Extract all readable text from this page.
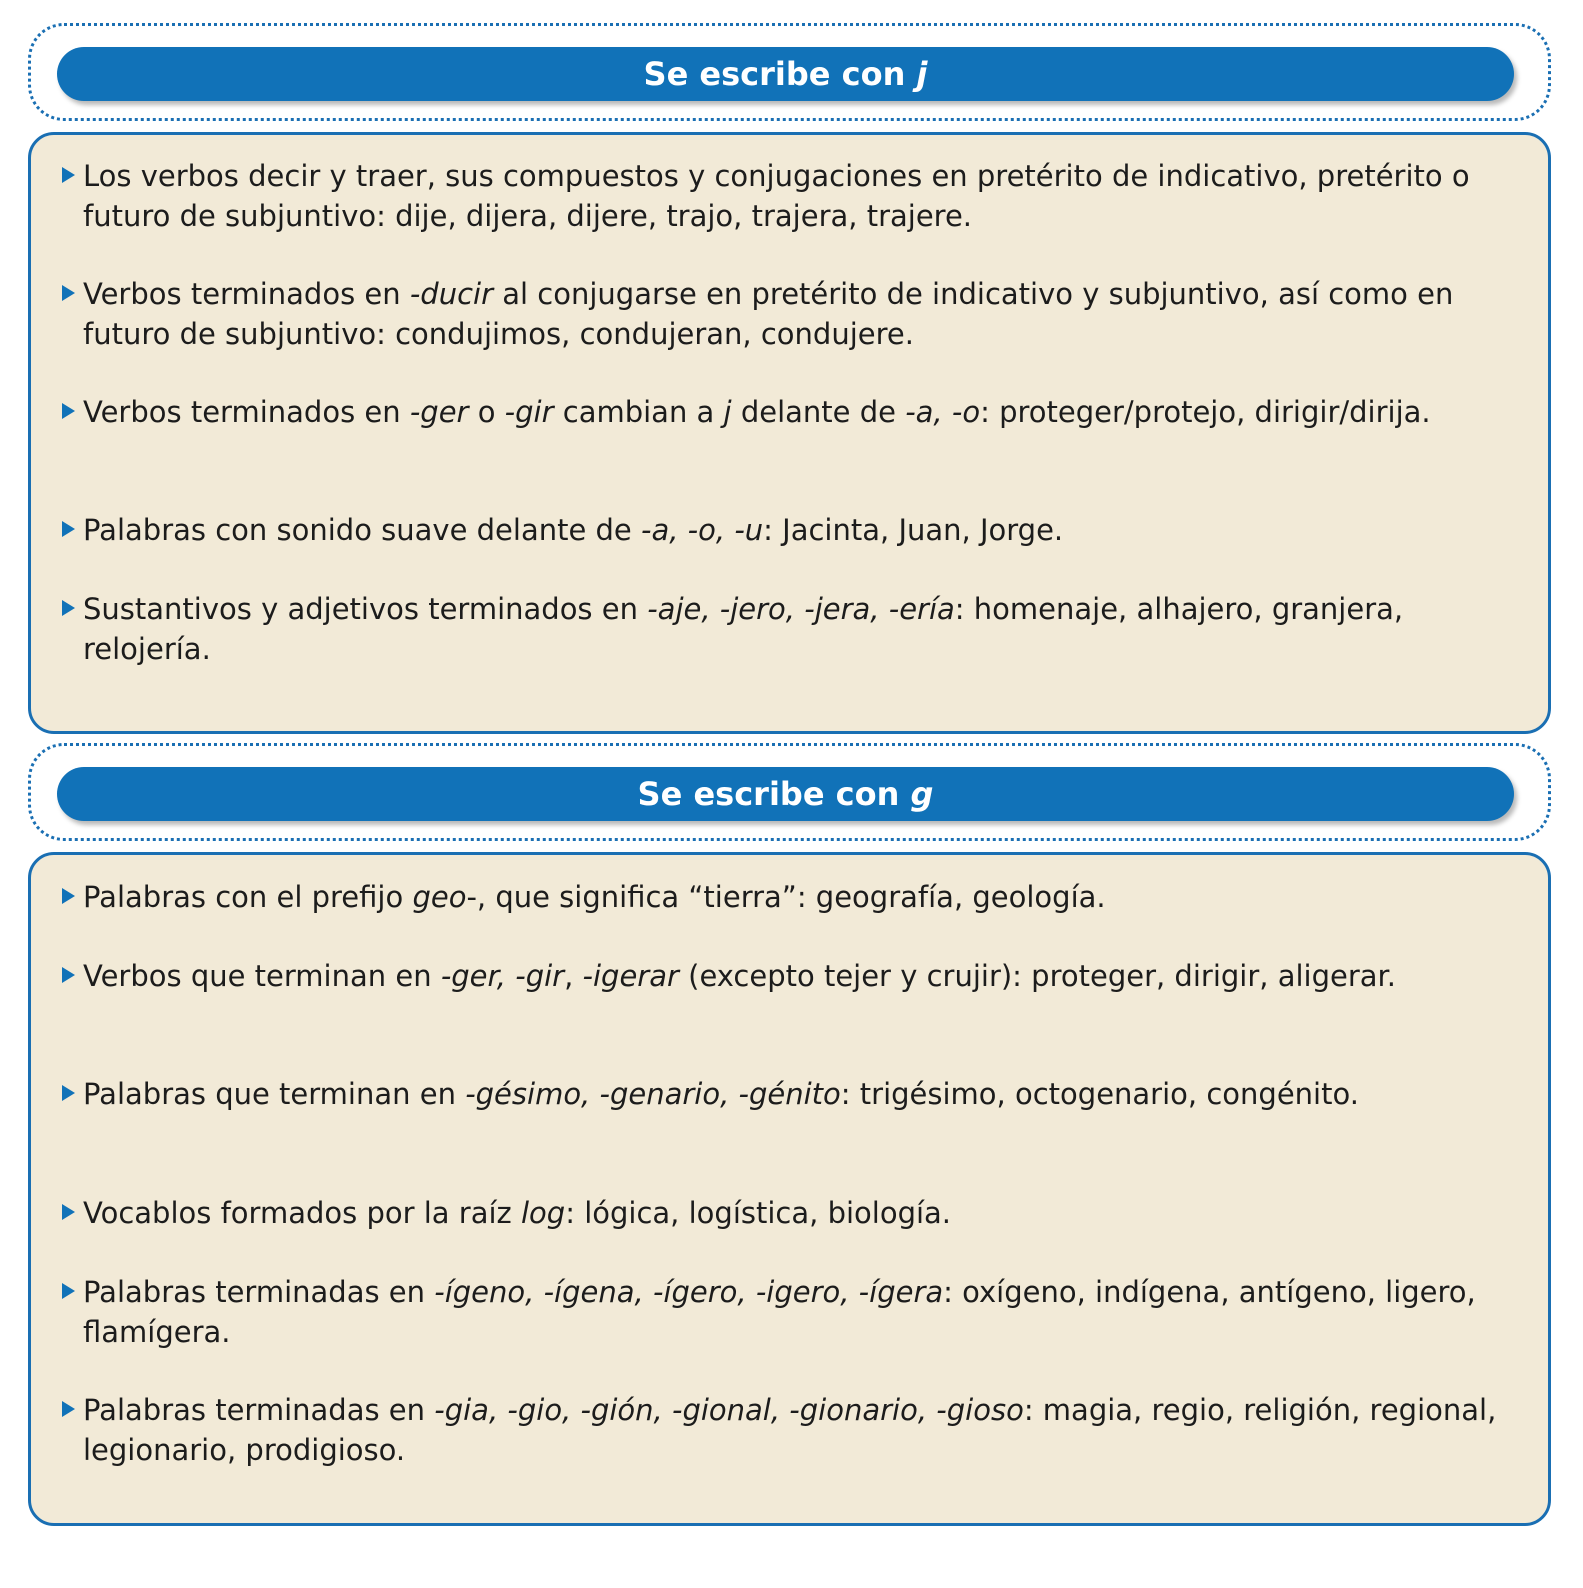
Se escribe con j
Los verbos decir y traer, sus compuestos y conjugaciones en pretérito de indicativo, pretérito o futuro de subjuntivo: dije, dijera, dijere, trajo, trajera, trajere.
Verbos terminados en -ducir al conjugarse en pretérito de indicativo y subjuntivo, así como en futuro de subjuntivo: condujimos, condujeran, condujere.
Verbos terminados en -ger o -gir cambian a j delante de -a, -o: proteger/protejo, dirigir/dirija.
Palabras con sonido suave delante de -a, -o, -u: Jacinta, Juan, Jorge.
Sustantivos y adjetivos terminados en -aje, -jero, -jera, -ería: homenaje, alhajero, granjera, relojería.
Se escribe con g
Palabras con el prefijo geo-, que significa “tierra”: geografía, geología.
Verbos que terminan en -ger, -gir, -igerar (excepto tejer y crujir): proteger, dirigir, aligerar.
Palabras que terminan en -gésimo, -genario, -génito: trigésimo, octogenario, congénito.
Vocablos formados por la raíz log: lógica, logística, biología.
Palabras terminadas en -ígeno, -ígena, -ígero, -igero, -ígera: oxígeno, indígena, antígeno, ligero, flamígera.
Palabras terminadas en -gia, -gio, -gión, -gional, -gionario, -gioso: magia, regio, religión, regional, legionario, prodigioso.
